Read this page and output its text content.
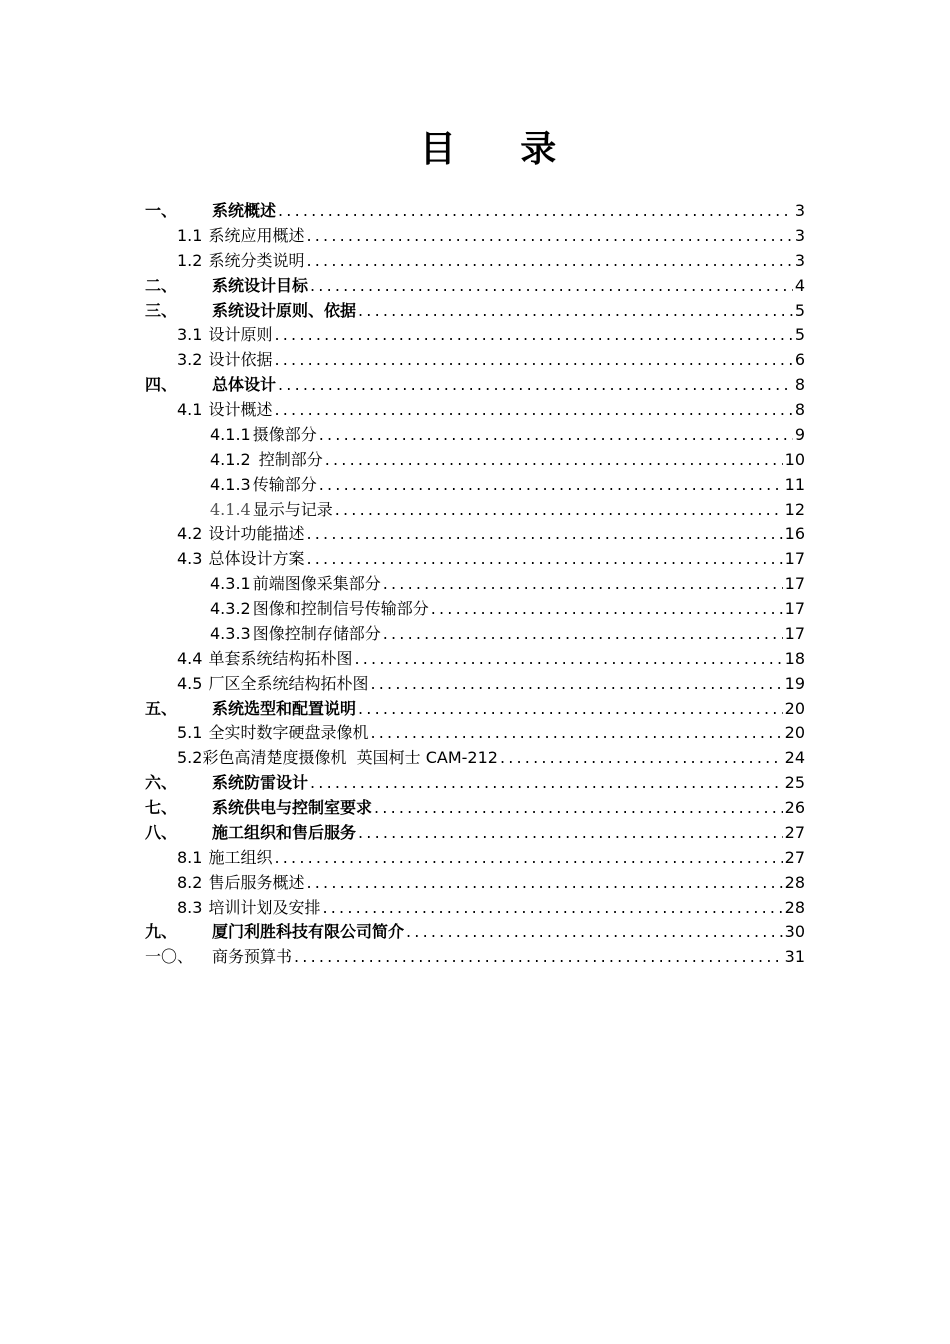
目 录
一、	系统概述 .....	3
1.1 系统应用概述 .....	3
1.2 系统分类说明 .....	3
二、	系统设计目标 .....	4
三、	系统设计原则、依据 .....	5
3.1 设计原则 .....	5
3.2 设计依据 .....	6
四、	总体设计 .....	8
4.1 设计概述 .....	8
4.1.1 摄像部分 .....	9
4.1.2 控制部分 .....	10
4.1.3 传输部分 .....	11
4.1.4 显示与记录 .....	12
4.2 设计功能描述 .....	16
4.3 总体设计方案 .....	17
4.3.1 前端图像采集部分 .....	17
4.3.2 图像和控制信号传输部分 .....	17
4.3.3 图像控制存储部分 .....	17
4.4 单套系统结构拓朴图 .....	18
4.5 厂区全系统结构拓朴图 .....	19
五、	系统选型和配置说明 .....	20
5.1 全实时数字硬盘录像机 .....	20
5.2 彩色高清楚度摄像机  英国柯士 CAM-212 .....	24
六、	系统防雷设计 .....	25
七、	系统供电与控制室要求 .....	26
八、	施工组织和售后服务 .....	27
8.1 施工组织 .....	27
8.2 售后服务概述 .....	28
8.3 培训计划及安排 .....	28
九、	厦门利胜科技有限公司简介 .....	30
一〇、	商务预算书 .....	31
